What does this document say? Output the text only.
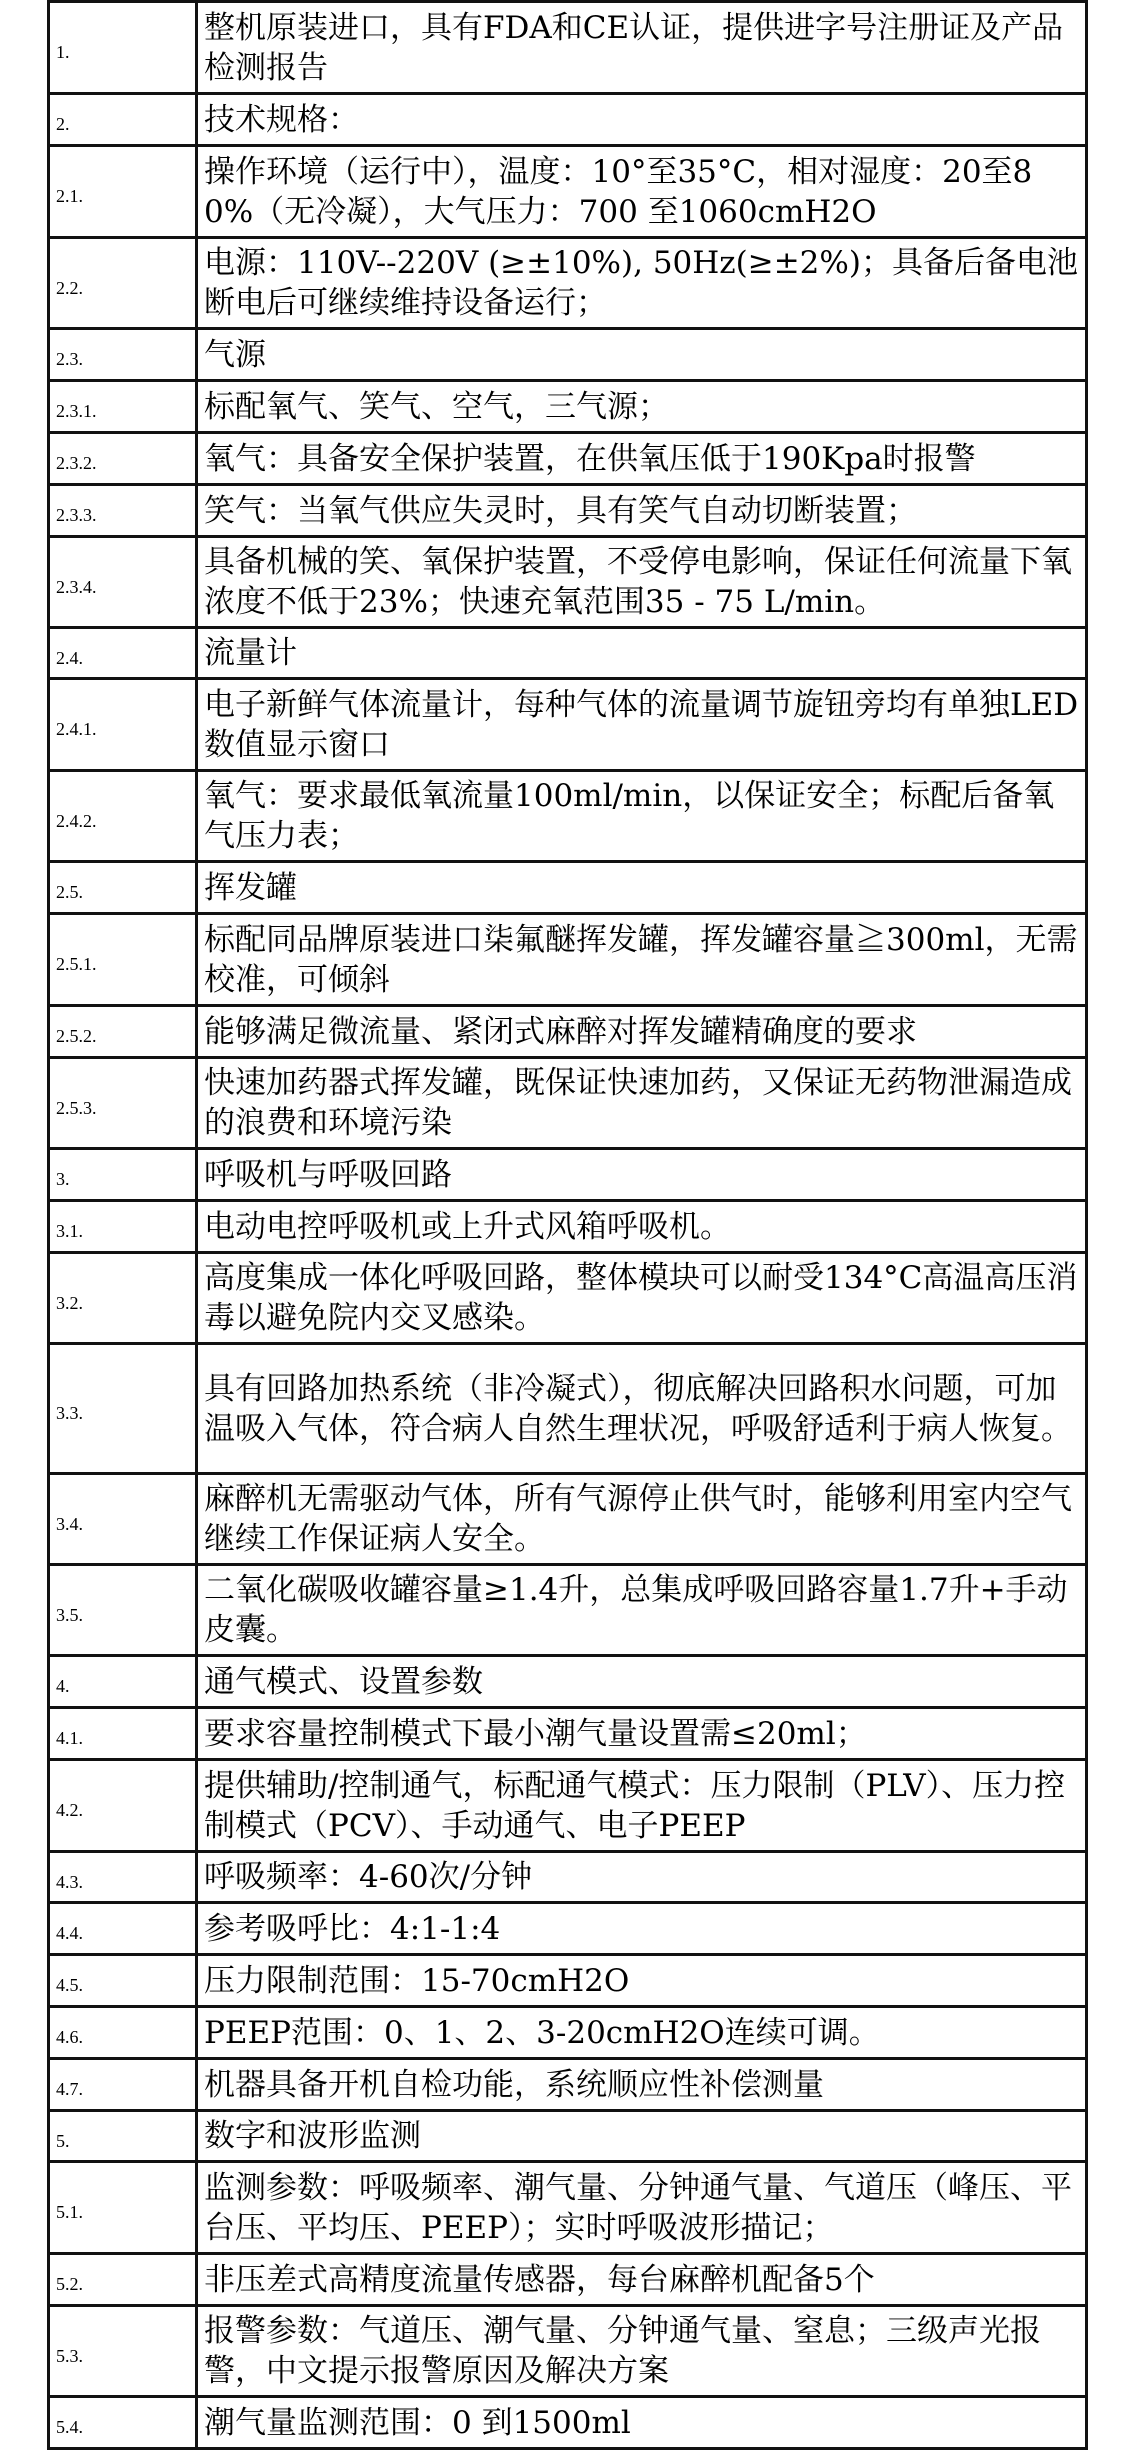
1.	整机原装进口，具有FDA和CE认证，提供进字号注册证及产品检测报告
2.	技术规格：
2.1.	操作环境（运行中），温度：10°至35°C，相对湿度：20至80%（无冷凝），大气压力：700 至1060cmH2O
2.2.	电源：110V--220V (≥±10%), 50Hz(≥±2%)；具备后备电池断电后可继续维持设备运行；
2.3.	气源
2.3.1.	标配氧气、笑气、空气，三气源；
2.3.2.	氧气：具备安全保护装置，在供氧压低于190Kpa时报警
2.3.3.	笑气：当氧气供应失灵时，具有笑气自动切断装置；
2.3.4.	具备机械的笑、氧保护装置，不受停电影响，保证任何流量下氧浓度不低于23%；快速充氧范围35 - 75 L/min。
2.4.	流量计
2.4.1.	电子新鲜气体流量计，每种气体的流量调节旋钮旁均有单独LED数值显示窗口
2.4.2.	氧气：要求最低氧流量100ml/min，以保证安全；标配后备氧气压力表；
2.5.	挥发罐
2.5.1.	标配同品牌原装进口柒氟醚挥发罐，挥发罐容量≧300ml，无需校准，可倾斜
2.5.2.	能够满足微流量、紧闭式麻醉对挥发罐精确度的要求
2.5.3.	快速加药器式挥发罐，既保证快速加药，又保证无药物泄漏造成的浪费和环境污染
3.	呼吸机与呼吸回路
3.1.	电动电控呼吸机或上升式风箱呼吸机。
3.2.	高度集成一体化呼吸回路，整体模块可以耐受134°C高温高压消毒以避免院内交叉感染。
3.3.	具有回路加热系统（非冷凝式），彻底解决回路积水问题，可加温吸入气体，符合病人自然生理状况，呼吸舒适利于病人恢复。
3.4.	麻醉机无需驱动气体，所有气源停止供气时，能够利用室内空气继续工作保证病人安全。
3.5.	二氧化碳吸收罐容量≥1.4升，总集成呼吸回路容量1.7升+手动皮囊。
4.	通气模式、设置参数
4.1.	要求容量控制模式下最小潮气量设置需≤20ml；
4.2.	提供辅助/控制通气，标配通气模式：压力限制（PLV）、压力控制模式（PCV）、手动通气、电子PEEP
4.3.	呼吸频率：4-60次/分钟
4.4.	参考吸呼比：4:1-1:4
4.5.	压力限制范围：15-70cmH2O
4.6.	PEEP范围：0、1、2、3-20cmH2O连续可调。
4.7.	机器具备开机自检功能，系统顺应性补偿测量
5.	数字和波形监测
5.1.	监测参数：呼吸频率、潮气量、分钟通气量、气道压（峰压、平台压、平均压、PEEP）；实时呼吸波形描记；
5.2.	非压差式高精度流量传感器，每台麻醉机配备5个
5.3.	报警参数：气道压、潮气量、分钟通气量、窒息；三级声光报警，中文提示报警原因及解决方案
5.4.	潮气量监测范围：0 到1500ml
